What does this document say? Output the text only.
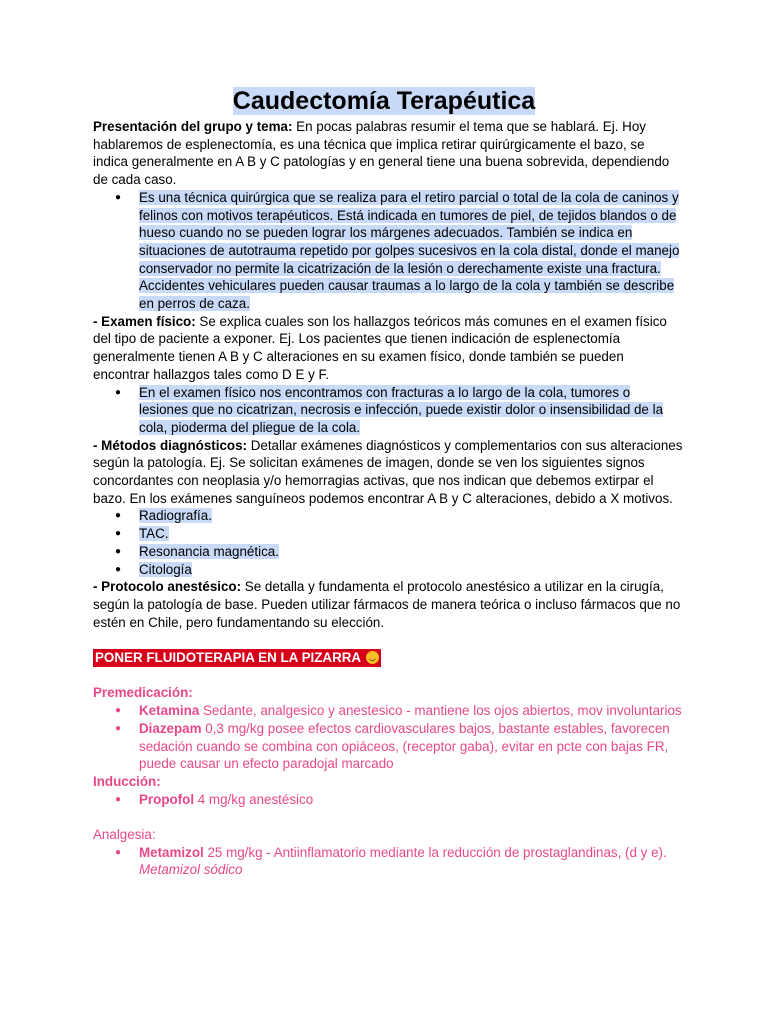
Caudectomía Terapéutica

Presentación del grupo y tema: En pocas palabras resumir el tema que se hablará. Ej. Hoy hablaremos de esplenectomía, es una técnica que implica retirar quirúrgicamente el bazo, se indica generalmente en A B y C patologías y en general tiene una buena sobrevida, dependiendo de cada caso.

● Es una técnica quirúrgica que se realiza para el retiro parcial o total de la cola de caninos y felinos con motivos terapéuticos. Está indicada en tumores de piel, de tejidos blandos o de hueso cuando no se pueden lograr los márgenes adecuados. También se indica en situaciones de autotrauma repetido por golpes sucesivos en la cola distal, donde el manejo conservador no permite la cicatrización de la lesión o derechamente existe una fractura. Accidentes vehiculares pueden causar traumas a lo largo de la cola y también se describe en perros de caza.

- Examen físico: Se explica cuales son los hallazgos teóricos más comunes en el examen físico del tipo de paciente a exponer. Ej. Los pacientes que tienen indicación de esplenectomía generalmente tienen A B y C alteraciones en su examen físico, donde también se pueden encontrar hallazgos tales como D E y F.

● En el examen físico nos encontramos con fracturas a lo largo de la cola, tumores o lesiones que no cicatrizan, necrosis e infección, puede existir dolor o insensibilidad de la cola, pioderma del pliegue de la cola.

- Métodos diagnósticos: Detallar exámenes diagnósticos y complementarios con sus alteraciones según la patología. Ej. Se solicitan exámenes de imagen, donde se ven los siguientes signos concordantes con neoplasia y/o hemorragias activas, que nos indican que debemos extirpar el bazo. En los exámenes sanguíneos podemos encontrar A B y C alteraciones, debido a X motivos.

● Radiografía.
● TAC.
● Resonancia magnética.
● Citología

- Protocolo anestésico: Se detalla y fundamenta el protocolo anestésico a utilizar en la cirugía, según la patología de base. Pueden utilizar fármacos de manera teórica o incluso fármacos que no estén en Chile, pero fundamentando su elección.

PONER FLUIDOTERAPIA EN LA PIZARRA

Premedicación:

● Ketamina Sedante, analgesico y anestesico - mantiene los ojos abiertos, mov involuntarios
● Diazepam 0,3 mg/kg posee efectos cardiovasculares bajos, bastante estables, favorecen sedación cuando se combina con opiáceos, (receptor gaba), evitar en pcte con bajas FR, puede causar un efecto paradojal marcado

Inducción:

● Propofol 4 mg/kg anestésico

Analgesia:

● Metamizol 25 mg/kg - Antiinflamatorio mediante la reducción de prostaglandinas, (d y e). Metamizol sódico
